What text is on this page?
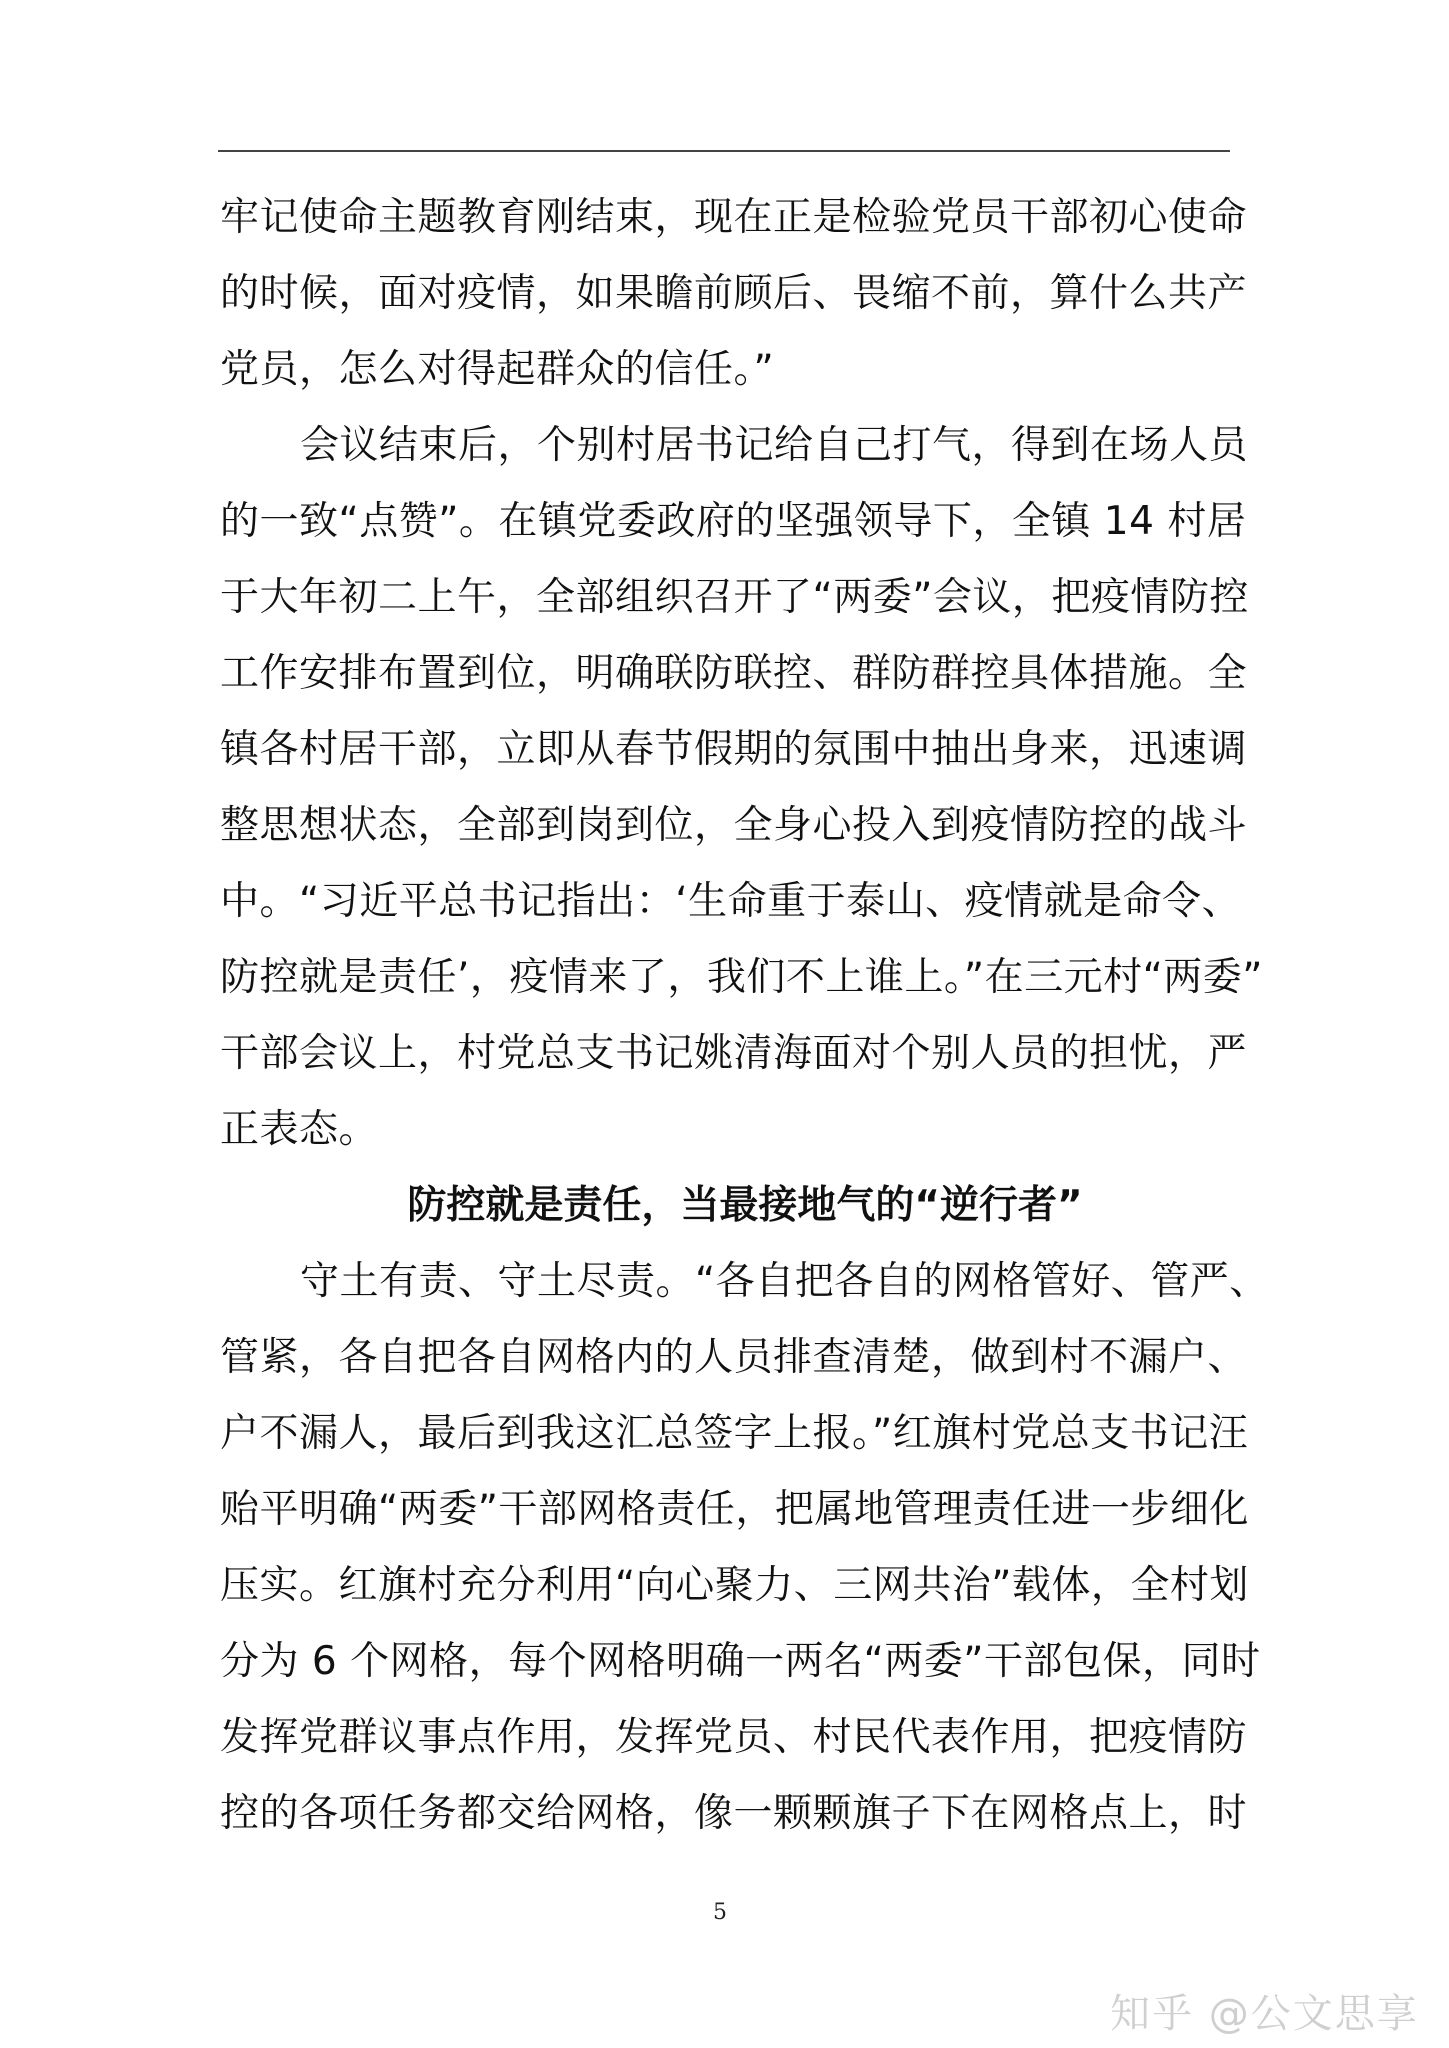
牢记使命主题教育刚结束，现在正是检验党员干部初心使命
的时候，面对疫情，如果瞻前顾后、畏缩不前，算什么共产
党员，怎么对得起群众的信任。”
会议结束后，个别村居书记给自己打气，得到在场人员
的一致“点赞”。在镇党委政府的坚强领导下，全镇 14 村居
于大年初二上午，全部组织召开了“两委”会议，把疫情防控
工作安排布置到位，明确联防联控、群防群控具体措施。全
镇各村居干部，立即从春节假期的氛围中抽出身来，迅速调
整思想状态，全部到岗到位，全身心投入到疫情防控的战斗
中。“习近平总书记指出：‘生命重于泰山、疫情就是命令、
防控就是责任’，疫情来了，我们不上谁上。”在三元村“两委”
干部会议上，村党总支书记姚清海面对个别人员的担忧，严
正表态。
防控就是责任，当最接地气的“逆行者”
守土有责、守土尽责。“各自把各自的网格管好、管严、
管紧，各自把各自网格内的人员排查清楚，做到村不漏户、
户不漏人，最后到我这汇总签字上报。”红旗村党总支书记汪
贻平明确“两委”干部网格责任，把属地管理责任进一步细化
压实。红旗村充分利用“向心聚力、三网共治”载体，全村划
分为 6 个网格，每个网格明确一两名“两委”干部包保，同时
发挥党群议事点作用，发挥党员、村民代表作用，把疫情防
控的各项任务都交给网格，像一颗颗旗子下在网格点上，时
5
知乎 @公文思享
